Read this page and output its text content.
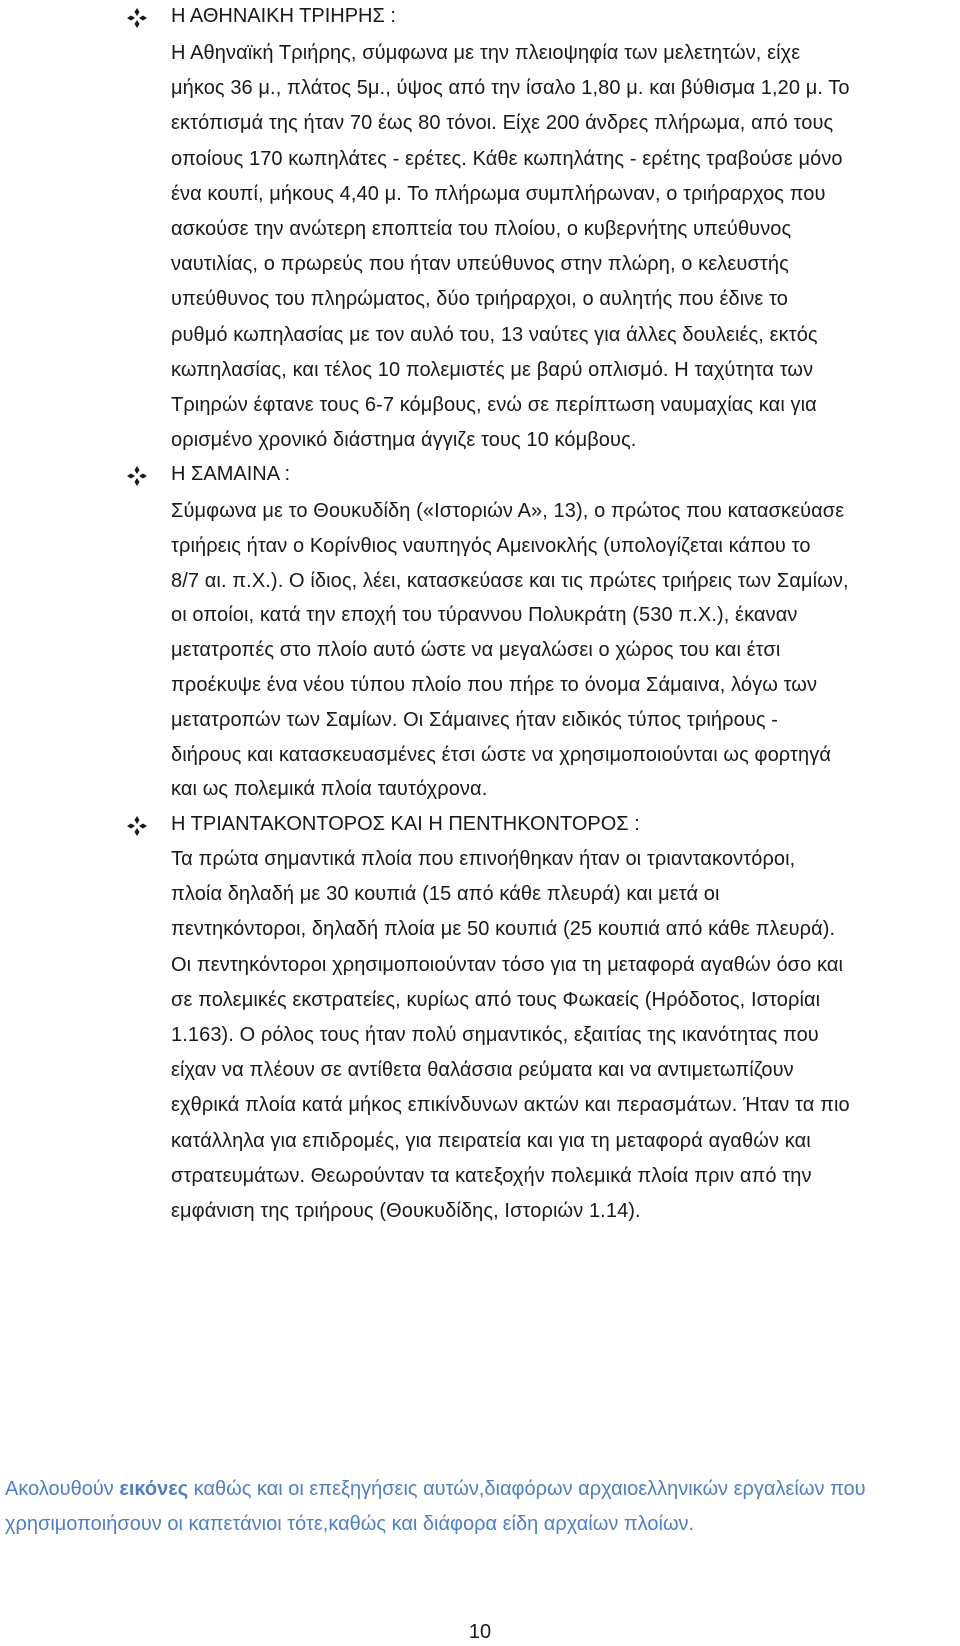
Η ΑΘΗΝΑΙΚΗ ΤΡΙΗΡΗΣ :
Η Αθηναϊκή Τριήρης, σύμφωνα με την πλειοψηφία των μελετητών, είχε
μήκος 36 μ., πλάτος 5μ., ύψος από την ίσαλο 1,80 μ. και βύθισμα 1,20 μ. Το
εκτόπισμά της ήταν 70 έως 80 τόνοι. Είχε 200 άνδρες πλήρωμα, από τους
οποίους 170 κωπηλάτες - ερέτες. Κάθε κωπηλάτης - ερέτης τραβούσε μόνο
ένα κουπί, μήκους 4,40 μ. Το πλήρωμα συμπλήρωναν, ο τριήραρχος που
ασκούσε την ανώτερη εποπτεία του πλοίου, ο κυβερνήτης υπεύθυνος
ναυτιλίας, ο πρωρεύς που ήταν υπεύθυνος στην πλώρη, ο κελευστής
υπεύθυνος του πληρώματος, δύο τριήραρχοι, ο αυλητής που έδινε το
ρυθμό κωπηλασίας με τον αυλό του, 13 ναύτες για άλλες δουλειές, εκτός
κωπηλασίας, και τέλος 10 πολεμιστές με βαρύ οπλισμό. Η ταχύτητα των
Τριηρών έφτανε τους 6-7 κόμβους, ενώ σε περίπτωση ναυμαχίας και για
ορισμένο χρονικό διάστημα άγγιζε τους 10 κόμβους.
Η ΣΑΜΑΙΝΑ :
Σύμφωνα με το Θουκυδίδη («Ιστοριών Α», 13), ο πρώτος που κατασκεύασε
τριήρεις ήταν ο Κορίνθιος ναυπηγός Αμεινοκλής (υπολογίζεται κάπου το
8/7 αι. π.Χ.). Ο ίδιος, λέει, κατασκεύασε και τις πρώτες τριήρεις των Σαμίων,
οι οποίοι, κατά την εποχή του τύραννου Πολυκράτη (530 π.Χ.), έκαναν
μετατροπές στο πλοίο αυτό ώστε να μεγαλώσει ο χώρος του και έτσι
προέκυψε ένα νέου τύπου πλοίο που πήρε το όνομα Σάμαινα, λόγω των
μετατροπών των Σαμίων. Οι Σάμαινες ήταν ειδικός τύπος τριήρους -
διήρους και κατασκευασμένες έτσι ώστε να χρησιμοποιούνται ως φορτηγά
και ως πολεμικά πλοία ταυτόχρονα.
Η ΤΡΙΑΝΤΑΚΟΝΤΟΡΟΣ ΚΑΙ Η ΠΕΝΤΗΚΟΝΤΟΡΟΣ :
Τα πρώτα σημαντικά πλοία που επινοήθηκαν ήταν οι τριαντακοντόροι,
πλοία δηλαδή με 30 κουπιά (15 από κάθε πλευρά) και μετά οι
πεντηκόντοροι, δηλαδή πλοία με 50 κουπιά (25 κουπιά από κάθε πλευρά).
Οι πεντηκόντοροι χρησιμοποιούνταν τόσο για τη μεταφορά αγαθών όσο και
σε πολεμικές εκστρατείες, κυρίως από τους Φωκαείς (Ηρόδοτος, Ιστορίαι
1.163). Ο ρόλος τους ήταν πολύ σημαντικός, εξαιτίας της ικανότητας που
είχαν να πλέουν σε αντίθετα θαλάσσια ρεύματα και να αντιμετωπίζουν
εχθρικά πλοία κατά μήκος επικίνδυνων ακτών και περασμάτων. Ήταν τα πιο
κατάλληλα για επιδρομές, για πειρατεία και για τη μεταφορά αγαθών και
στρατευμάτων. Θεωρούνταν τα κατεξοχήν πολεμικά πλοία πριν από την
εμφάνιση της τριήρους (Θουκυδίδης, Ιστοριών 1.14).
Ακολουθούν εικόνες καθώς και οι επεξηγήσεις αυτών,διαφόρων αρχαιοελληνικών εργαλείων που χρησιμοποιήσουν οι καπετάνιοι τότε,καθώς και διάφορα είδη αρχαίων πλοίων.
10
